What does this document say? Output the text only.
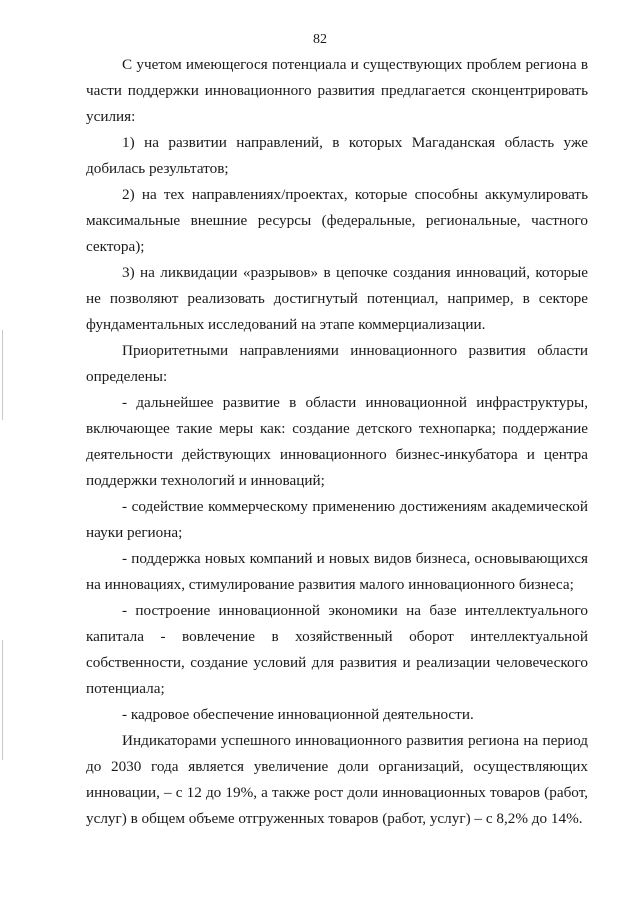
82

С учетом имеющегося потенциала и существующих проблем региона в части поддержки инновационного развития предлагается сконцентрировать усилия:

1) на развитии направлений, в которых Магаданская область уже добилась результатов;

2) на тех направлениях/проектах, которые способны аккумулировать максимальные внешние ресурсы (федеральные, региональные, частного сектора);

3) на ликвидации «разрывов» в цепочке создания инноваций, которые не позволяют реализовать достигнутый потенциал, например, в секторе фундаментальных исследований на этапе коммерциализации.

Приоритетными направлениями инновационного развития области определены:

- дальнейшее развитие в области инновационной инфраструктуры, включающее такие меры как: создание детского технопарка; поддержание деятельности действующих инновационного бизнес-инкубатора и центра поддержки технологий и инноваций;

- содействие коммерческому применению достижениям академической науки региона;

- поддержка новых компаний и новых видов бизнеса, основывающихся на инновациях, стимулирование развития малого инновационного бизнеса;

- построение инновационной экономики на базе интеллектуального капитала - вовлечение в хозяйственный оборот интеллектуальной собственности, создание условий для развития и реализации человеческого потенциала;

- кадровое обеспечение инновационной деятельности.

Индикаторами успешного инновационного развития региона на период до 2030 года является увеличение доли организаций, осуществляющих инновации, – с 12 до 19%, а также рост доли инновационных товаров (работ, услуг) в общем объеме отгруженных товаров (работ, услуг) – с 8,2% до 14%.
